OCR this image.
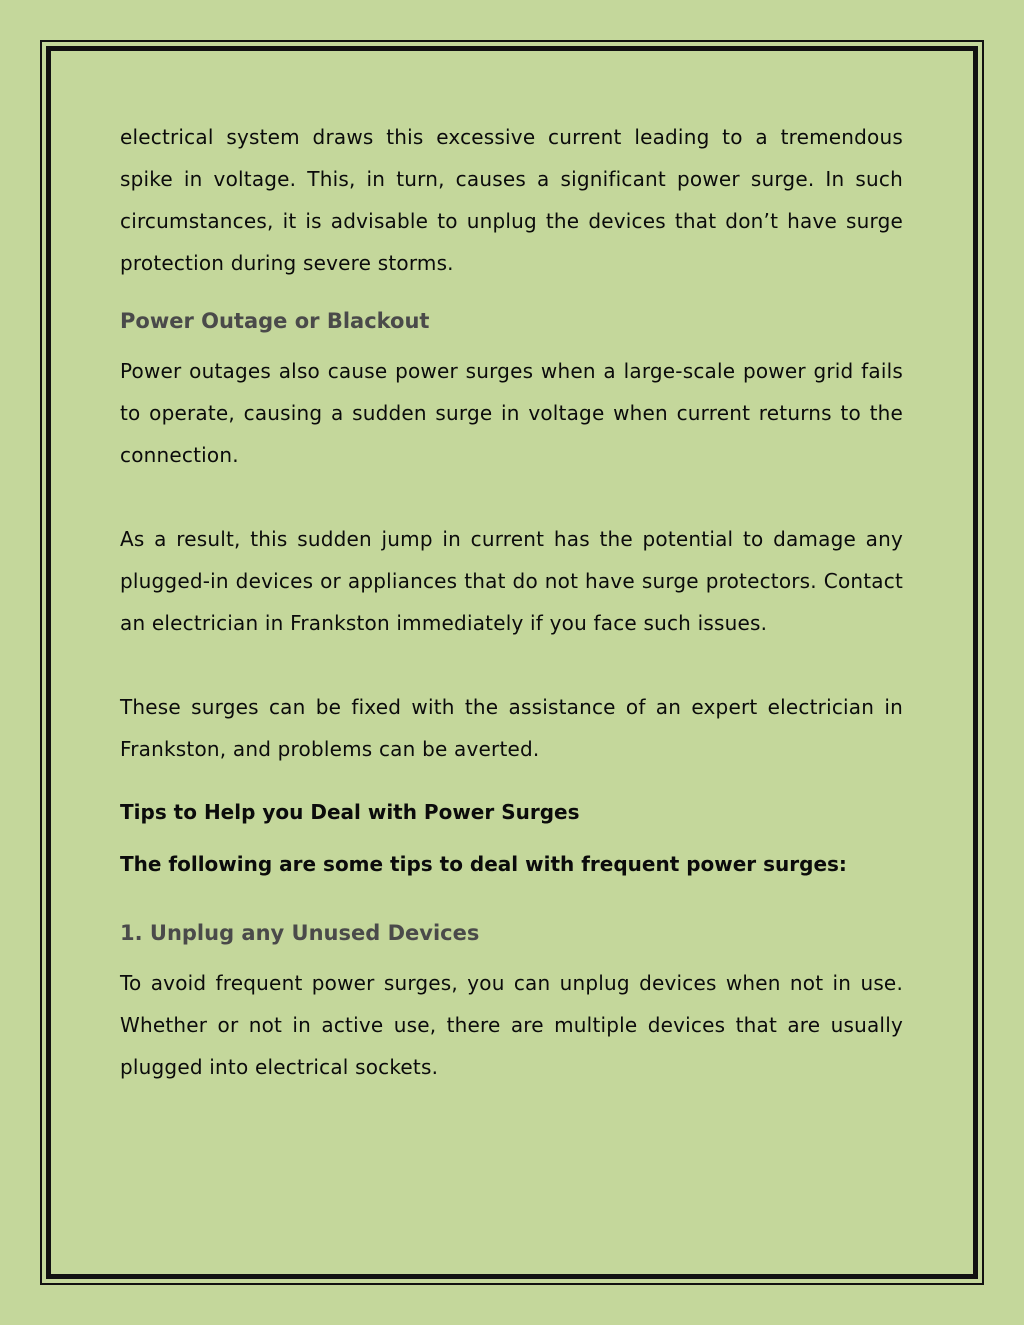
electrical system draws this excessive current leading to a tremendous spike in voltage. This, in turn, causes a significant power surge. In such circumstances, it is advisable to unplug the devices that don’t have surge protection during severe storms.

Power Outage or Blackout

Power outages also cause power surges when a large-scale power grid fails to operate, causing a sudden surge in voltage when current returns to the connection.

As a result, this sudden jump in current has the potential to damage any plugged-in devices or appliances that do not have surge protectors. Contact an electrician in Frankston immediately if you face such issues.

These surges can be fixed with the assistance of an expert electrician in Frankston, and problems can be averted.

Tips to Help you Deal with Power Surges
The following are some tips to deal with frequent power surges:
1. Unplug any Unused Devices

To avoid frequent power surges, you can unplug devices when not in use. Whether or not in active use, there are multiple devices that are usually plugged into electrical sockets.
